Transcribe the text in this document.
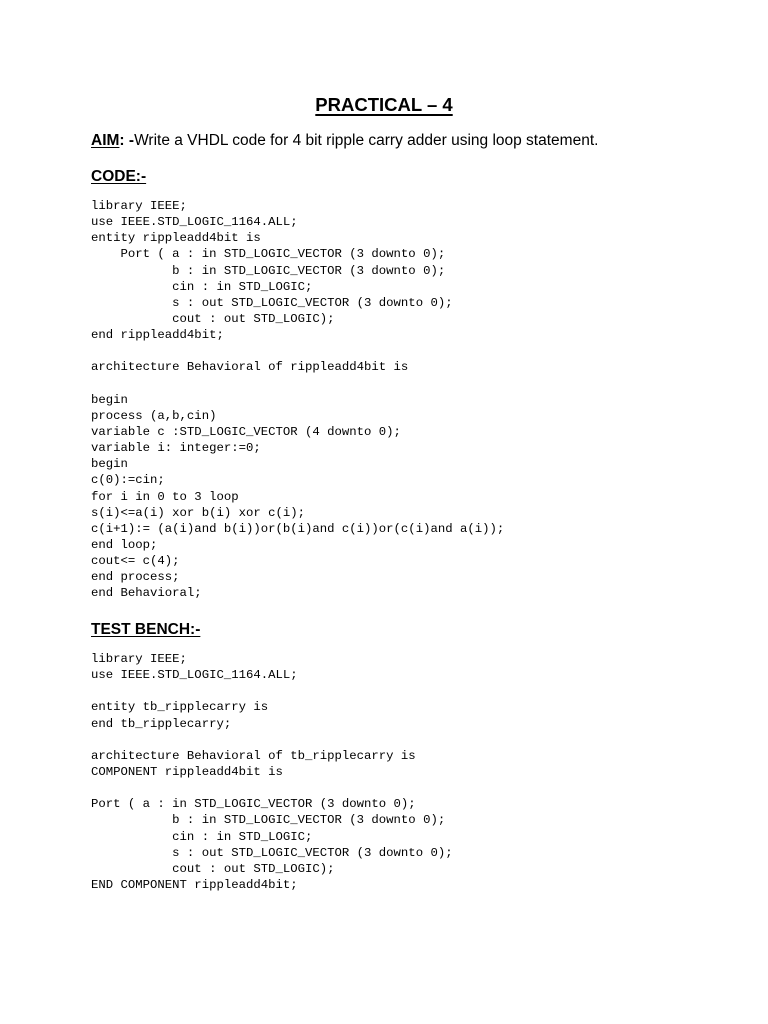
PRACTICAL – 4
AIM: -Write a VHDL code for 4 bit ripple carry adder using loop statement.
CODE:-
library IEEE;
use IEEE.STD_LOGIC_1164.ALL;
entity rippleadd4bit is
Port ( a : in STD_LOGIC_VECTOR (3 downto 0);
b : in STD_LOGIC_VECTOR (3 downto 0);
cin : in STD_LOGIC;
s : out STD_LOGIC_VECTOR (3 downto 0);
cout : out STD_LOGIC);
end rippleadd4bit;
architecture Behavioral of rippleadd4bit is
begin
process (a,b,cin)
variable c :STD_LOGIC_VECTOR (4 downto 0);
variable i: integer:=0;
begin
c(0):=cin;
for i in 0 to 3 loop
s(i)<=a(i) xor b(i) xor c(i);
c(i+1):= (a(i)and b(i))or(b(i)and c(i))or(c(i)and a(i));
end loop;
cout<= c(4);
end process;
end Behavioral;
TEST BENCH:-
library IEEE;
use IEEE.STD_LOGIC_1164.ALL;
entity tb_ripplecarry is
end tb_ripplecarry;
architecture Behavioral of tb_ripplecarry is
COMPONENT rippleadd4bit is
Port ( a : in STD_LOGIC_VECTOR (3 downto 0);
b : in STD_LOGIC_VECTOR (3 downto 0);
cin : in STD_LOGIC;
s : out STD_LOGIC_VECTOR (3 downto 0);
cout : out STD_LOGIC);
END COMPONENT rippleadd4bit;
